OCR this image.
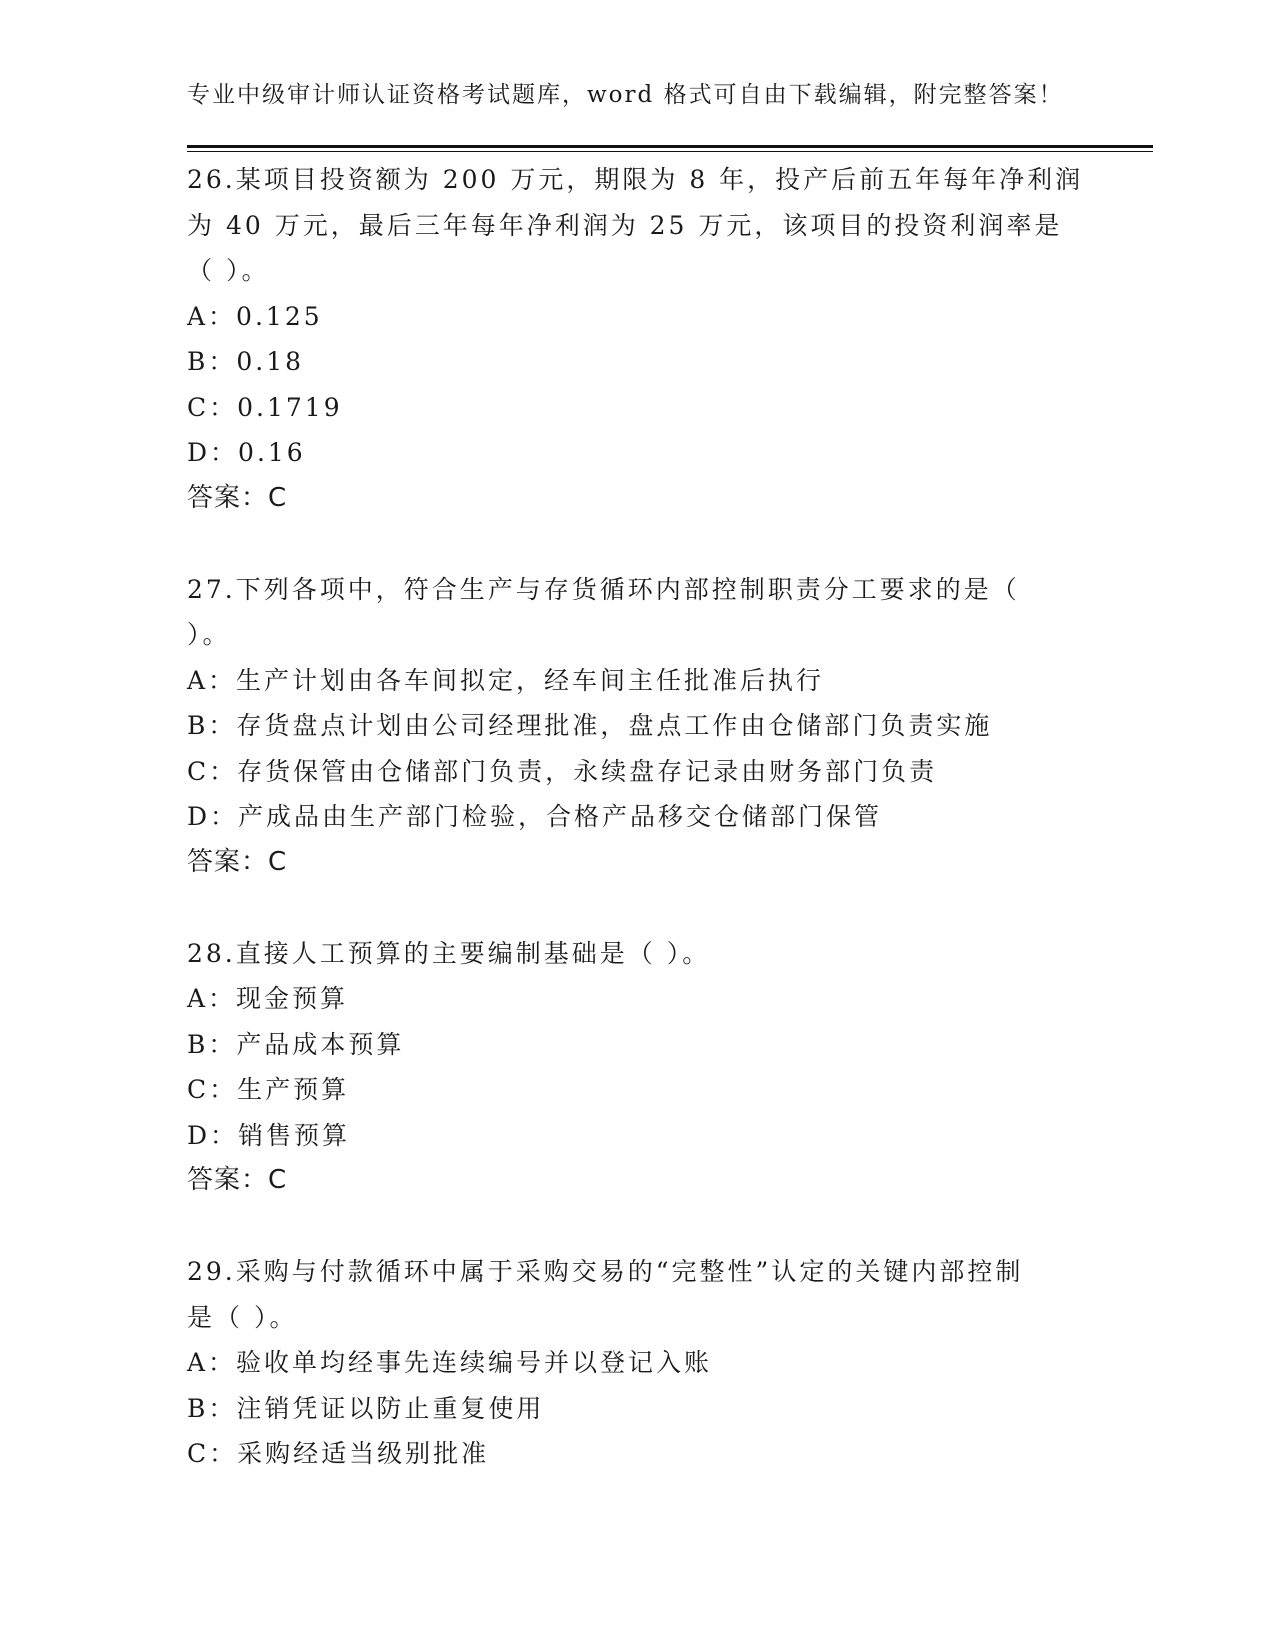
专业中级审计师认证资格考试题库，word 格式可自由下载编辑，附完整答案！
26.某项目投资额为 200 万元，期限为 8 年，投产后前五年每年净利润
为 40 万元，最后三年每年净利润为 25 万元，该项目的投资利润率是
（ ）。
A：0.125
B：0.18
C：0.1719
D：0.16
答案：C
27.下列各项中，符合生产与存货循环内部控制职责分工要求的是（
）。
A：生产计划由各车间拟定，经车间主任批准后执行
B：存货盘点计划由公司经理批准，盘点工作由仓储部门负责实施
C：存货保管由仓储部门负责，永续盘存记录由财务部门负责
D：产成品由生产部门检验，合格产品移交仓储部门保管
答案：C
28.直接人工预算的主要编制基础是（ ）。
A：现金预算
B：产品成本预算
C：生产预算
D：销售预算
答案：C
29.采购与付款循环中属于采购交易的“完整性”认定的关键内部控制
是（ ）。
A：验收单均经事先连续编号并以登记入账
B：注销凭证以防止重复使用
C：采购经适当级别批准
